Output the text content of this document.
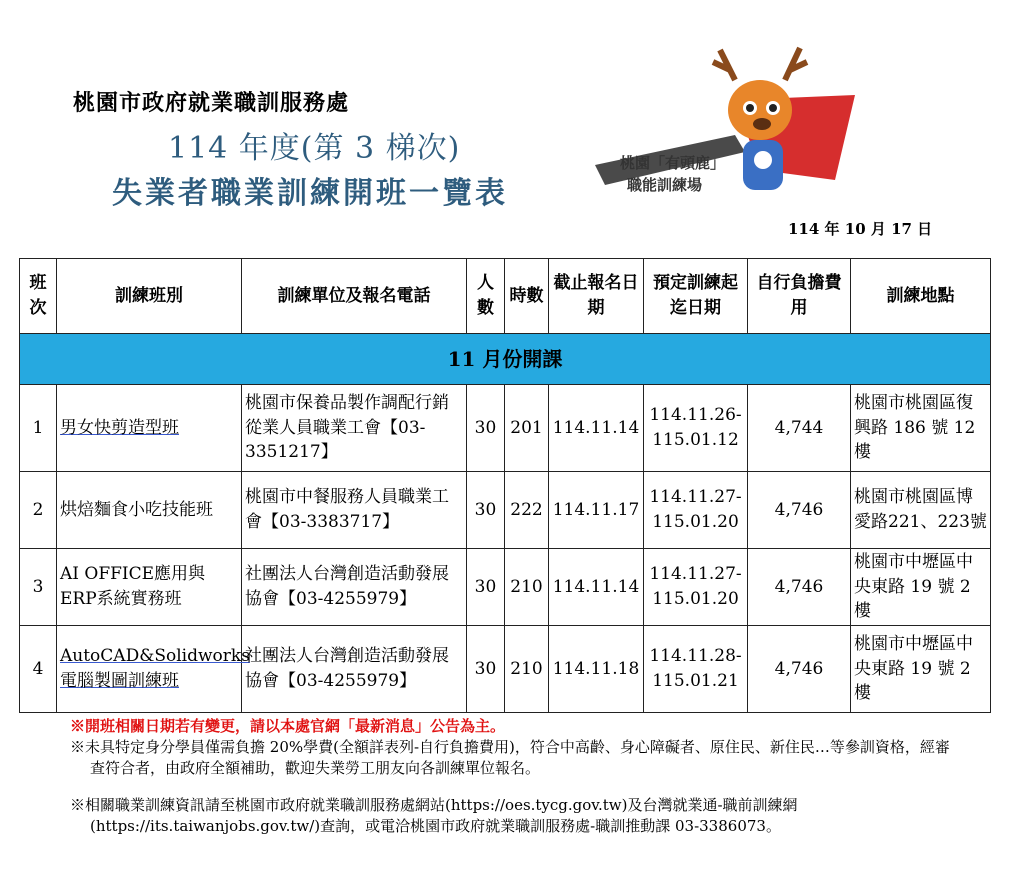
桃園市政府就業職訓服務處
114 年度(第 3 梯次)
失業者職業訓練開班一覽表
桃園「有頭鹿」
職能訓練場
114 年 10 月 17 日
班次	訓練班別	訓練單位及報名電話	人數	時數	截止報名日期	預定訓練起迄日期	自行負擔費用	訓練地點
11 月份開課								
1	男女快剪造型班	桃園市保養品製作調配行銷從業人員職業工會【03-3351217】	30	201	114.11.14	114.11.26-115.01.12	4,744	桃園市桃園區復興路 186 號 12 樓
2	烘焙麵食小吃技能班	桃園市中餐服務人員職業工會【03-3383717】	30	222	114.11.17	114.11.27-115.01.20	4,746	桃園市桃園區博愛路221、223號
3	AI OFFICE應用與ERP系統實務班	社團法人台灣創造活動發展協會【03-4255979】	30	210	114.11.14	114.11.27-115.01.20	4,746	桃園市中壢區中央東路 19 號 2 樓
4	AutoCAD&Solidworks電腦製圖訓練班	社團法人台灣創造活動發展協會【03-4255979】	30	210	114.11.18	114.11.28-115.01.21	4,746	桃園市中壢區中央東路 19 號 2 樓

※開班相關日期若有變更，請以本處官網「最新消息」公告為主。

※未具特定身分學員僅需負擔 20%學費(全額詳表列-自行負擔費用)，符合中高齡、身心障礙者、原住民、新住民…等參訓資格，經審查符合者，由政府全額補助，歡迎失業勞工朋友向各訓練單位報名。

※相關職業訓練資訊請至桃園市政府就業職訓服務處網站(https://oes.tycg.gov.tw)及台灣就業通-職前訓練網(https://its.taiwanjobs.gov.tw/)查詢，或電洽桃園市政府就業職訓服務處-職訓推動課 03-3386073。
